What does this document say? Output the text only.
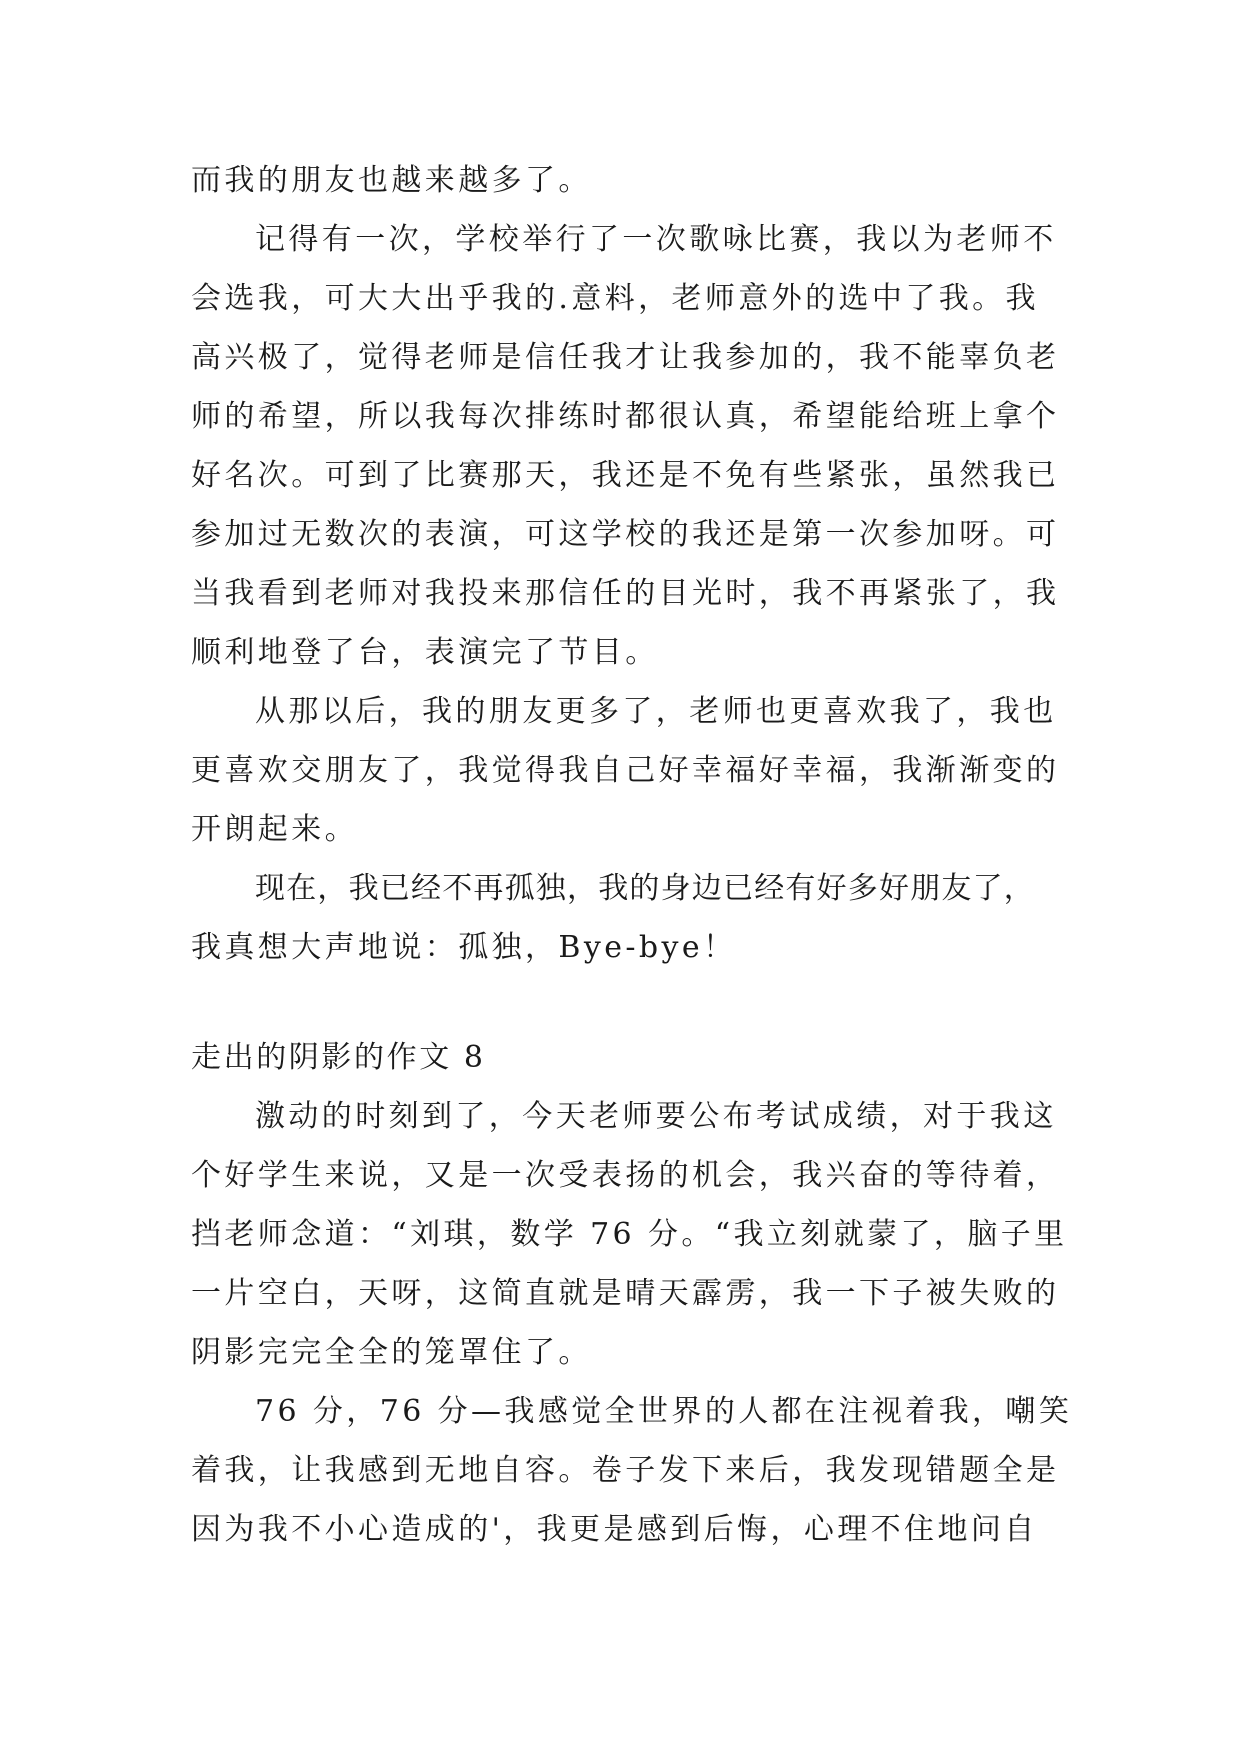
而我的朋友也越来越多了。
记得有一次，学校举行了一次歌咏比赛，我以为老师不
会选我，可大大出乎我的.意料，老师意外的选中了我。我
高兴极了，觉得老师是信任我才让我参加的，我不能辜负老
师的希望，所以我每次排练时都很认真，希望能给班上拿个
好名次。可到了比赛那天，我还是不免有些紧张，虽然我已
参加过无数次的表演，可这学校的我还是第一次参加呀。可
当我看到老师对我投来那信任的目光时，我不再紧张了，我
顺利地登了台，表演完了节目。
从那以后，我的朋友更多了，老师也更喜欢我了，我也
更喜欢交朋友了，我觉得我自己好幸福好幸福，我渐渐变的
开朗起来。
现在，我已经不再孤独，我的身边已经有好多好朋友了，
我真想大声地说：孤独，Bye-bye！
走出的阴影的作文 8
激动的时刻到了，今天老师要公布考试成绩，对于我这
个好学生来说，又是一次受表扬的机会，我兴奋的等待着，
挡老师念道：“刘琪，数学 76 分。“我立刻就蒙了，脑子里
一片空白，天呀，这简直就是晴天霹雳，我一下子被失败的
阴影完完全全的笼罩住了。
76 分，76 分—我感觉全世界的人都在注视着我，嘲笑
着我，让我感到无地自容。卷子发下来后，我发现错题全是
因为我不小心造成的'，我更是感到后悔，心理不住地问自
